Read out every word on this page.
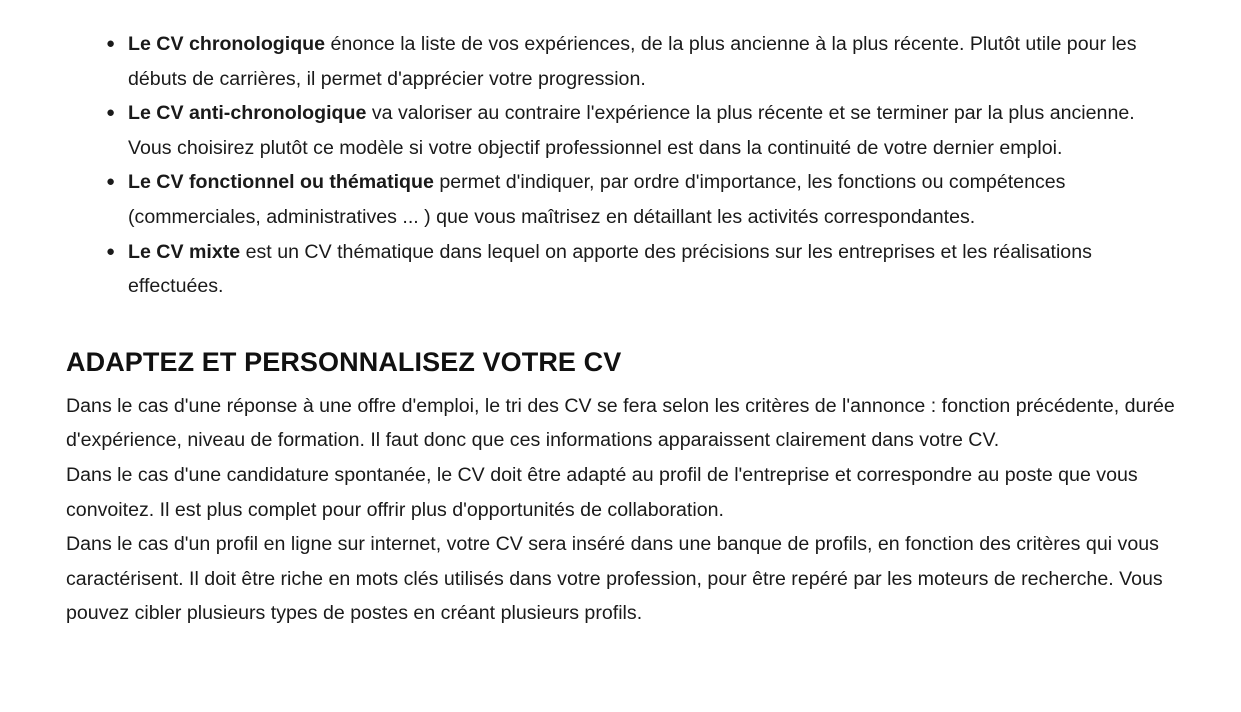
● Le CV chronologique énonce la liste de vos expériences, de la plus ancienne à la plus récente. Plutôt utile pour les débuts de carrières, il permet d'apprécier votre progression.
● Le CV anti-chronologique va valoriser au contraire l'expérience la plus récente et se terminer par la plus ancienne.
Vous choisirez plutôt ce modèle si votre objectif professionnel est dans la continuité de votre dernier emploi.
● Le CV fonctionnel ou thématique permet d'indiquer, par ordre d'importance, les fonctions ou compétences (commerciales, administratives ... ) que vous maîtrisez en détaillant les activités correspondantes.
● Le CV mixte est un CV thématique dans lequel on apporte des précisions sur les entreprises et les réalisations effectuées.
ADAPTEZ ET PERSONNALISEZ VOTRE CV

Dans le cas d'une réponse à une offre d'emploi, le tri des CV se fera selon les critères de l'annonce : fonction précédente, durée d'expérience, niveau de formation. Il faut donc que ces informations apparaissent clairement dans votre CV.

Dans le cas d'une candidature spontanée, le CV doit être adapté au profil de l'entreprise et correspondre au poste que vous convoitez. Il est plus complet pour offrir plus d'opportunités de collaboration.

Dans le cas d'un profil en ligne sur internet, votre CV sera inséré dans une banque de profils, en fonction des critères qui vous caractérisent. Il doit être riche en mots clés utilisés dans votre profession, pour être repéré par les moteurs de recherche. Vous pouvez cibler plusieurs types de postes en créant plusieurs profils.
